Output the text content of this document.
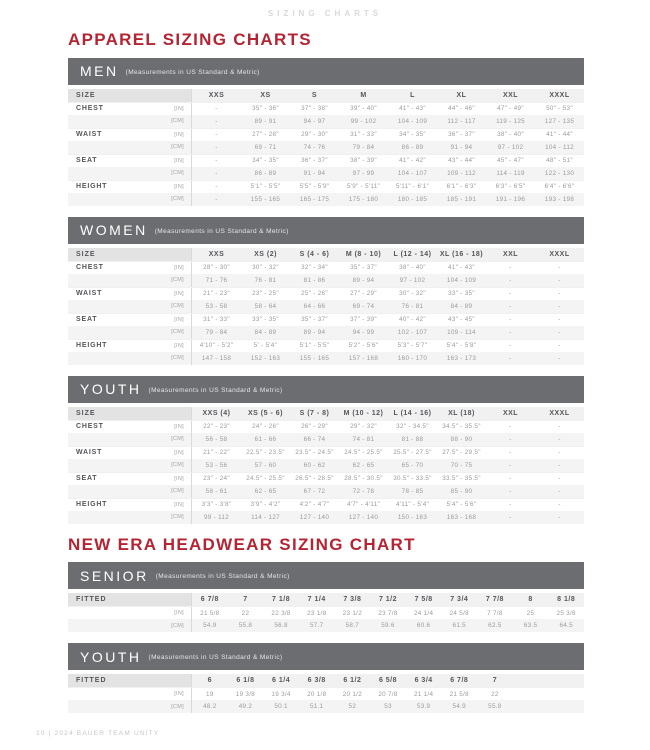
SIZING CHARTS
APPAREL SIZING CHARTS
MEN (Measurements in US Standard & Metric)
SIZE	XXS	XS	S	M	L	XL	XXL	XXXL
CHEST	[IN]	-	35" - 36"	37" - 38"	39" - 40"	41" - 43"	44" - 46"	47" - 49"	50" - 53"
[CM]	-	89 - 91	94 - 97	99 - 102	104 - 109	112 - 117	119 - 125	127 - 135
WAIST	[IN]	-	27" - 28"	29" - 30"	31" - 33"	34" - 35"	36" - 37"	38" - 40"	41" - 44"
[CM]	-	69 - 71	74 - 76	79 - 84	86 - 89	91 - 94	97 - 102	104 - 112
SEAT	[IN]	-	34" - 35"	36" - 37"	38" - 39"	41" - 42"	43" - 44"	45" - 47"	48" - 51"
[CM]	-	86 - 89	91 - 94	97 - 99	104 - 107	109 - 112	114 - 119	122 - 130
HEIGHT	[IN]	-	5'1" - 5'5"	5'5" - 5'9"	5'9" - 5'11"	5'11" - 6'1"	6'1" - 6'3"	6'3" - 6'5"	6'4" - 6'6"
[CM]	-	155 - 165	165 - 175	175 - 180	180 - 185	185 - 191	191 - 196	193 - 198
WOMEN (Measurements in US Standard & Metric)
SIZE	XXS	XS (2)	S (4 - 6)	M (8 - 10)	L (12 - 14)	XL (16 - 18)	XXL	XXXL
CHEST	[IN]	28" - 30"	30" - 32"	32" - 34"	35" - 37"	38" - 40"	41" - 43"	-	-
[CM]	71 - 76	76 - 81	81 - 86	89 - 94	97 - 102	104 - 109	-	-
WAIST	[IN]	21" - 23"	23" - 25"	25" - 26"	27" - 29"	30" - 32"	33" - 35"	-	-
[CM]	53 - 58	58 - 64	64 - 66	69 - 74	76 - 81	84 - 89	-	-
SEAT	[IN]	31" - 33"	33" - 35"	35" - 37"	37" - 39"	40" - 42"	43" - 45"	-	-
[CM]	79 - 84	84 - 89	89 - 94	94 - 99	102 - 107	109 - 114	-	-
HEIGHT	[IN]	4'10" - 5'2"	5' - 5'4"	5'1" - 5'5"	5'2" - 5'6"	5'3" - 5'7"	5'4" - 5'8"	-	-
[CM]	147 - 158	152 - 163	155 - 165	157 - 168	160 - 170	163 - 173	-	-
YOUTH (Measurements in US Standard & Metric)
SIZE	XXS (4)	XS (5 - 6)	S (7 - 8)	M (10 - 12)	L (14 - 16)	XL (18)	XXL	XXXL
CHEST	[IN]	22" - 23"	24" - 26"	26" - 29"	29" - 32"	32" - 34.5"	34.5" - 35.5"	-	-
[CM]	56 - 58	61 - 66	66 - 74	74 - 81	81 - 88	88 - 90	-	-
WAIST	[IN]	21" - 22"	22.5" - 23.5"	23.5" - 24.5"	24.5" - 25.5"	25.5" - 27.5"	27.5" - 29.5"	-	-
[CM]	53 - 56	57 - 60	60 - 62	62 - 65	65 - 70	70 - 75	-	-
SEAT	[IN]	23" - 24"	24.5" - 25.5"	26.5" - 28.5"	28.5" - 30.5"	30.5" - 33.5"	33.5" - 35.5"	-	-
[CM]	58 - 61	62 - 65	67 - 72	72 - 78	78 - 85	85 - 90	-	-
HEIGHT	[IN]	3'3" - 3'8"	3'9" - 4'2"	4'2" - 4'7"	4'7" - 4'11"	4'11" - 5'4"	5'4" - 5'6"	-	-
[CM]	99 - 112	114 - 127	127 - 140	127 - 140	150 - 163	163 - 168	-	-
NEW ERA HEADWEAR SIZING CHART
SENIOR (Measurements in US Standard & Metric)
FITTED	6 7/8	7	7 1/8	7 1/4	7 3/8	7 1/2	7 5/8	7 3/4	7 7/8	8	8 1/8
[IN]	21 5/8	22	22 3/8	23 1/8	23 1/2	23 7/8	24 1/4	24 5/8	7 7/8	25	25 3/8
[CM]	54.9	55.8	56.8	57.7	58.7	59.6	60.6	61.5	62.5	63.5	64.5
YOUTH (Measurements in US Standard & Metric)
FITTED	6	6 1/8	6 1/4	6 3/8	6 1/2	6 5/8	6 3/4	6 7/8	7
[IN]	19	19 3/8	19 3/4	20 1/8	20 1/2	20 7/8	21 1/4	21 5/8	22
[CM]	48.2	49.2	50.1	51.1	52	53	53.9	54.9	55.8
10 | 2024 BAUER TEAM UNITY
